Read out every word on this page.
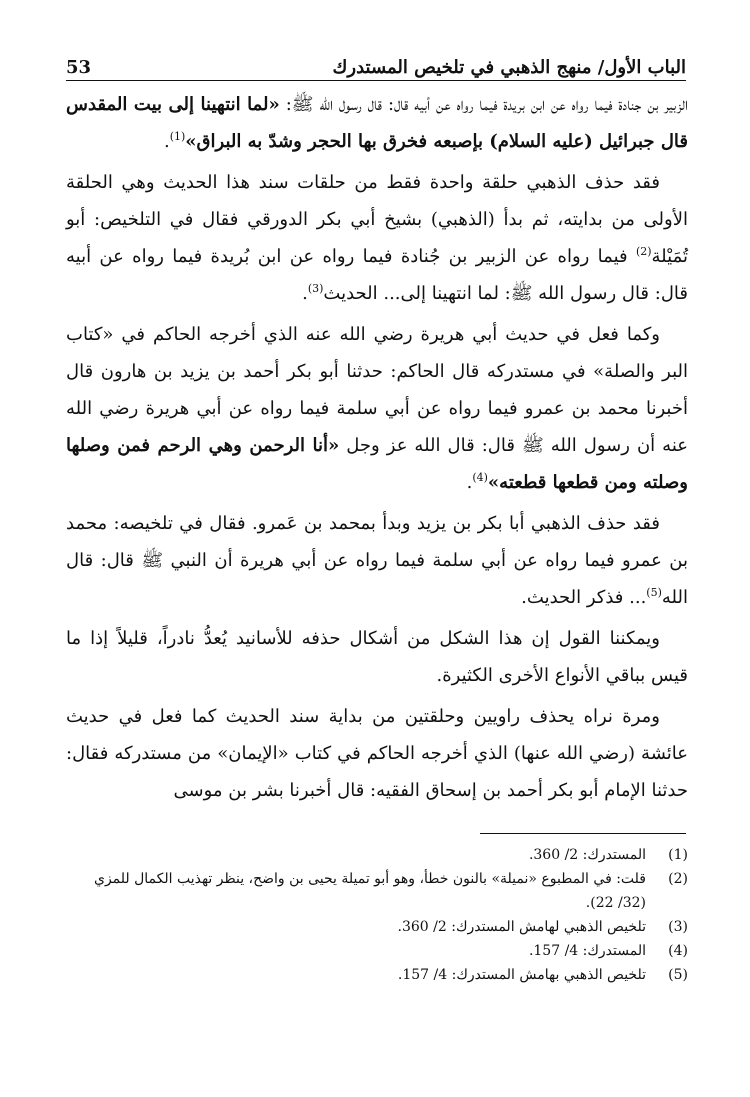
53	الباب الأول/ منهج الذهبي في تلخيص المستدرك

الزبير بن جنادة فيما رواه عن ابن بريدة فيما رواه عن أبيه قال: قال رسول الله ﷺ: «لما انتهينا إلى بيت المقدس قال جبرائيل (عليه السلام) بإصبعه فخرق بها الحجر وشدّ به البراق»$^{(1)}$.

فقد حذف الذهبي حلقة واحدة فقط من حلقات سند هذا الحديث وهي الحلقة الأولى من بدايته، ثم بدأ (الذهبي) بشيخ أبي بكر الدورقي فقال في التلخيص: أبو تُمَيْلة$^{(2)}$ فيما رواه عن الزبير بن جُنادة فيما رواه عن ابن بُريدة فيما رواه عن أبيه قال: قال رسول الله ﷺ: لما انتهينا إلى... الحديث$^{(3)}$.

وكما فعل في حديث أبي هريرة رضي الله عنه الذي أخرجه الحاكم في «كتاب البر والصلة» في مستدركه قال الحاكم: حدثنا أبو بكر أحمد بن يزيد بن هارون قال أخبرنا محمد بن عمرو فيما رواه عن أبي سلمة فيما رواه عن أبي هريرة رضي الله عنه أن رسول الله ﷺ قال: قال الله عز وجل «أنا الرحمن وهي الرحم فمن وصلها وصلته ومن قطعها قطعته»$^{(4)}$.

فقد حذف الذهبي أبا بكر بن يزيد وبدأ بمحمد بن عَمرو. فقال في تلخيصه: محمد بن عمرو فيما رواه عن أبي سلمة فيما رواه عن أبي هريرة أن النبي ﷺ قال: قال الله$^{(5)}$... فذكر الحديث.

ويمكننا القول إن هذا الشكل من أشكال حذفه للأسانيد يُعدُّ نادراً، قليلاً إذا ما قيس بباقي الأنواع الأخرى الكثيرة.

ومرة نراه يحذف راويين وحلقتين من بداية سند الحديث كما فعل في حديث عائشة (رضي الله عنها) الذي أخرجه الحاكم في كتاب «الإيمان» من مستدركه فقال: حدثنا الإمام أبو بكر أحمد بن إسحاق الفقيه: قال أخبرنا بشر بن موسى

(1)
المستدرك: 2/ 360.
(2)
قلت: في المطبوع «نميلة» بالنون خطأ، وهو أبو تميلة يحيى بن واضح، ينظر تهذيب الكمال للمزي (32/ 22).
(3)
تلخيص الذهبي لهامش المستدرك: 2/ 360.
(4)
المستدرك: 4/ 157.
(5)
تلخيص الذهبي بهامش المستدرك: 4/ 157.
